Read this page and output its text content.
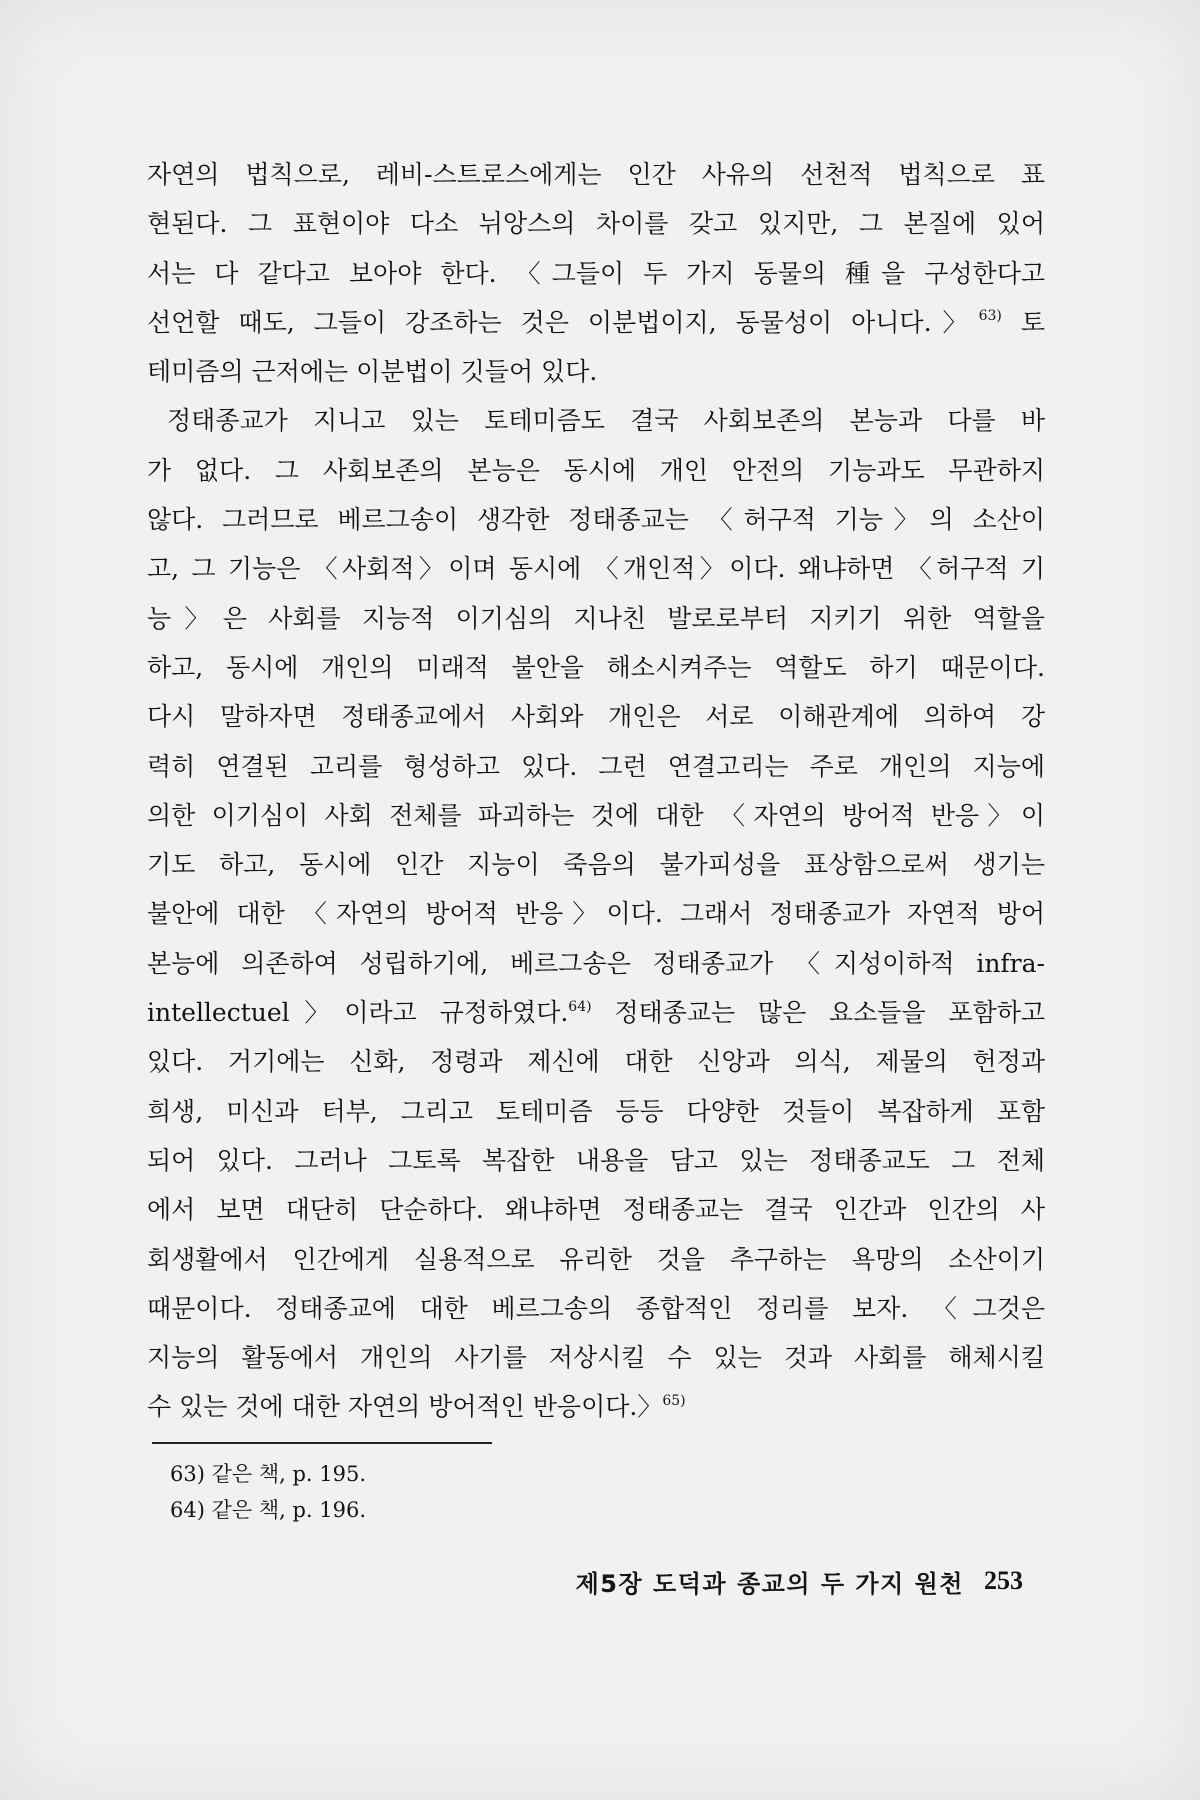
자연의 법칙으로, 레비-스트로스에게는 인간 사유의 선천적 법칙으로 표
현된다. 그 표현이야 다소 뉘앙스의 차이를 갖고 있지만, 그 본질에 있어
서는 다 같다고 보아야 한다. 〈그들이 두 가지 동물의 種을 구성한다고
선언할 때도, 그들이 강조하는 것은 이분법이지, 동물성이 아니다.〉$^{63)}$ 토
테미즘의 근저에는 이분법이 깃들어 있다.
정태종교가 지니고 있는 토테미즘도 결국 사회보존의 본능과 다를 바
가 없다. 그 사회보존의 본능은 동시에 개인 안전의 기능과도 무관하지
않다. 그러므로 베르그송이 생각한 정태종교는 〈허구적 기능〉의 소산이
고, 그 기능은 〈사회적〉이며 동시에 〈개인적〉이다. 왜냐하면 〈허구적 기
능〉은 사회를 지능적 이기심의 지나친 발로로부터 지키기 위한 역할을
하고, 동시에 개인의 미래적 불안을 해소시켜주는 역할도 하기 때문이다.
다시 말하자면 정태종교에서 사회와 개인은 서로 이해관계에 의하여 강
력히 연결된 고리를 형성하고 있다. 그런 연결고리는 주로 개인의 지능에
의한 이기심이 사회 전체를 파괴하는 것에 대한 〈자연의 방어적 반응〉이
기도 하고, 동시에 인간 지능이 죽음의 불가피성을 표상함으로써 생기는
불안에 대한 〈자연의 방어적 반응〉이다. 그래서 정태종교가 자연적 방어
본능에 의존하여 성립하기에, 베르그송은 정태종교가 〈지성이하적 infra-
intellectuel〉이라고 규정하였다.$^{64)}$ 정태종교는 많은 요소들을 포함하고
있다. 거기에는 신화, 정령과 제신에 대한 신앙과 의식, 제물의 헌정과
희생, 미신과 터부, 그리고 토테미즘 등등 다양한 것들이 복잡하게 포함
되어 있다. 그러나 그토록 복잡한 내용을 담고 있는 정태종교도 그 전체
에서 보면 대단히 단순하다. 왜냐하면 정태종교는 결국 인간과 인간의 사
회생활에서 인간에게 실용적으로 유리한 것을 추구하는 욕망의 소산이기
때문이다. 정태종교에 대한 베르그송의 종합적인 정리를 보자. 〈그것은
지능의 활동에서 개인의 사기를 저상시킬 수 있는 것과 사회를 해체시킬
수 있는 것에 대한 자연의 방어적인 반응이다.〉$^{65)}$
63) 같은 책, p. 195.
64) 같은 책, p. 196.
제5장 도덕과 종교의 두 가지 원천 253
